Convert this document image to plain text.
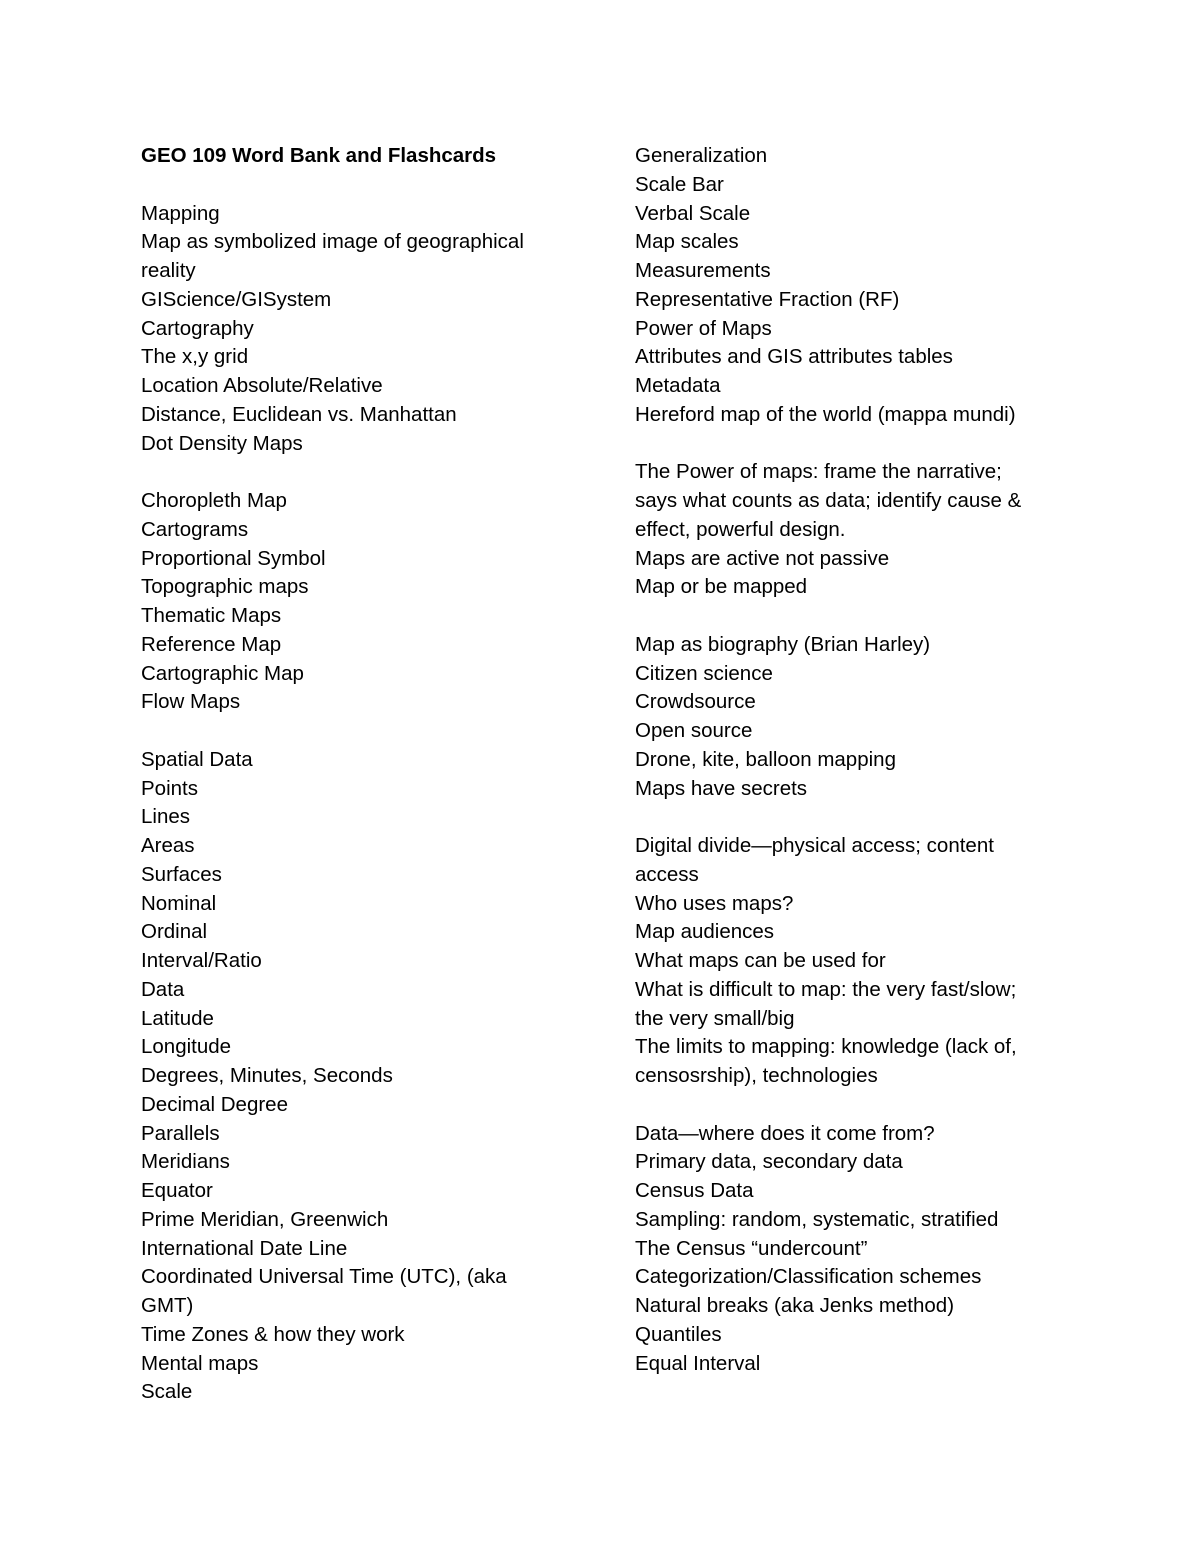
GEO 109 Word Bank and Flashcards
Mapping
Map as symbolized image of geographical
reality
GIScience/GISystem
Cartography
The x,y grid
Location Absolute/Relative
Distance, Euclidean vs. Manhattan
Dot Density Maps
Choropleth Map
Cartograms
Proportional Symbol
Topographic maps
Thematic Maps
Reference Map
Cartographic Map
Flow Maps
Spatial Data
Points
Lines
Areas
Surfaces
Nominal
Ordinal
Interval/Ratio
Data
Latitude
Longitude
Degrees, Minutes, Seconds
Decimal Degree
Parallels
Meridians
Equator
Prime Meridian, Greenwich
International Date Line
Coordinated Universal Time (UTC), (aka
GMT)
Time Zones & how they work
Mental maps
Scale
Generalization
Scale Bar
Verbal Scale
Map scales
Measurements
Representative Fraction (RF)
Power of Maps
Attributes and GIS attributes tables
Metadata
Hereford map of the world (mappa mundi)
The Power of maps: frame the narrative;
says what counts as data; identify cause &
effect, powerful design.
Maps are active not passive
Map or be mapped
Map as biography (Brian Harley)
Citizen science
Crowdsource
Open source
Drone, kite, balloon mapping
Maps have secrets
Digital divide—physical access; content
access
Who uses maps?
Map audiences
What maps can be used for
What is difficult to map: the very fast/slow;
the very small/big
The limits to mapping: knowledge (lack of,
censosrship), technologies
Data—where does it come from?
Primary data, secondary data
Census Data
Sampling: random, systematic, stratified
The Census “undercount”
Categorization/Classification schemes
Natural breaks (aka Jenks method)
Quantiles
Equal Interval
